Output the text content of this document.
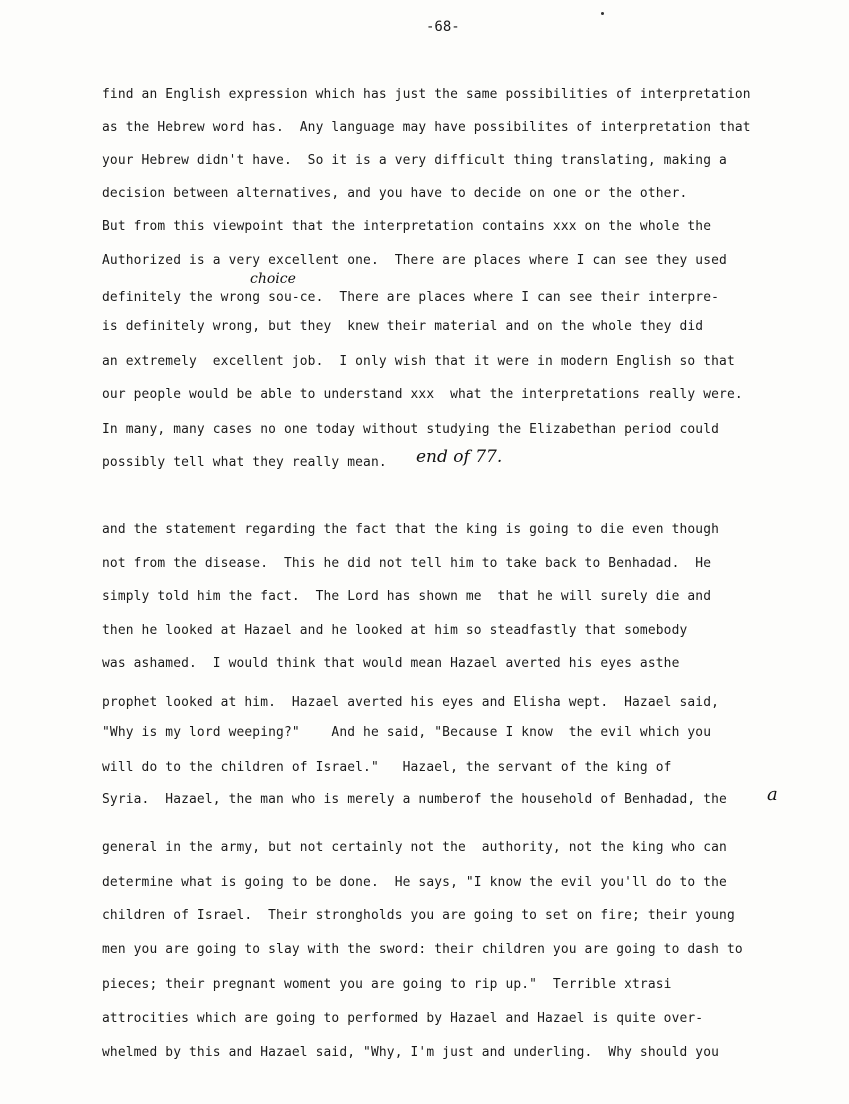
-68-
find an English expression which has just the same possibilities of interpretation
as the Hebrew word has.  Any language may have possibilites of interpretation that
your Hebrew didn't have.  So it is a very difficult thing translating, making a
decision between alternatives, and you have to decide on one or the other.
But from this viewpoint that the interpretation contains xxx on the whole the
Authorized is a very excellent one.  There are places where I can see they used
definitely the wrong sou-ce.  There are places where I can see their interpre-
is definitely wrong, but they  knew their material and on the whole they did
an extremely  excellent job.  I only wish that it were in modern English so that
our people would be able to understand xxx  what the interpretations really were.
In many, many cases no one today without studying the Elizabethan period could
possibly tell what they really mean.
choice
end of 77.
and the statement regarding the fact that the king is going to die even though
not from the disease.  This he did not tell him to take back to Benhadad.  He
simply told him the fact.  The Lord has shown me  that he will surely die and
then he looked at Hazael and he looked at him so steadfastly that somebody
was ashamed.  I would think that would mean Hazael averted his eyes asthe
prophet looked at him.  Hazael averted his eyes and Elisha wept.  Hazael said,
"Why is my lord weeping?"    And he said, "Because I know  the evil which you
will do to the children of Israel."   Hazael, the servant of the king of
Syria.  Hazael, the man who is merely a numberof the household of Benhadad, the
general in the army, but not certainly not the  authority, not the king who can
determine what is going to be done.  He says, "I know the evil you'll do to the
children of Israel.  Their strongholds you are going to set on fire; their young
men you are going to slay with the sword: their children you are going to dash to
pieces; their pregnant woment you are going to rip up."  Terrible xtrasi
attrocities which are going to performed by Hazael and Hazael is quite over-
whelmed by this and Hazael said, "Why, I'm just and underling.  Why should you
a
